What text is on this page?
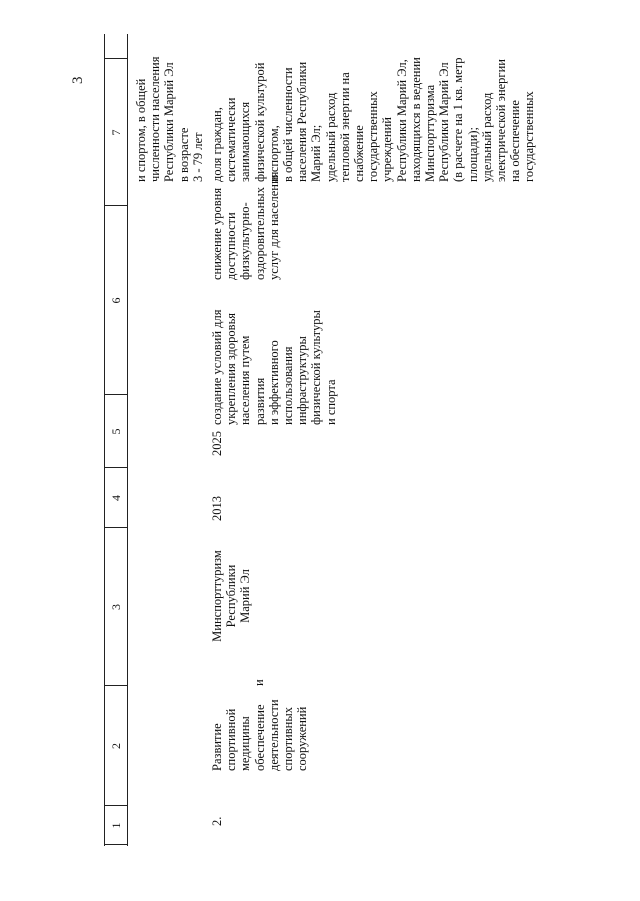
3
1
2
3
4
5
6
7 и спортом, в общей численности населения Республики Марий Эл в возрасте 3 - 79 лет
2.
Развитие спортивной медицины обеспечение деятельности спортивных сооружений
и
Минспорттуризм Республики Марий Эл
2013
2025
создание условий для укрепления здоровья населения путем развития и эффективного использования инфраструктуры физической культуры и спорта
снижение уровня доступности физкультурно- оздоровительных услуг для населения
доля граждан, систематически занимающихся физической культурой и спортом, в общей численности населения Республики Марий Эл; удельный расход тепловой энергии на снабжение государственных учреждений Республики Марий Эл, находящихся в ведении Минспорттуризма Республики Марий Эл (в расчете на 1 кв. метр площади); удельный расход электрической энергии на обеспечение государственных
